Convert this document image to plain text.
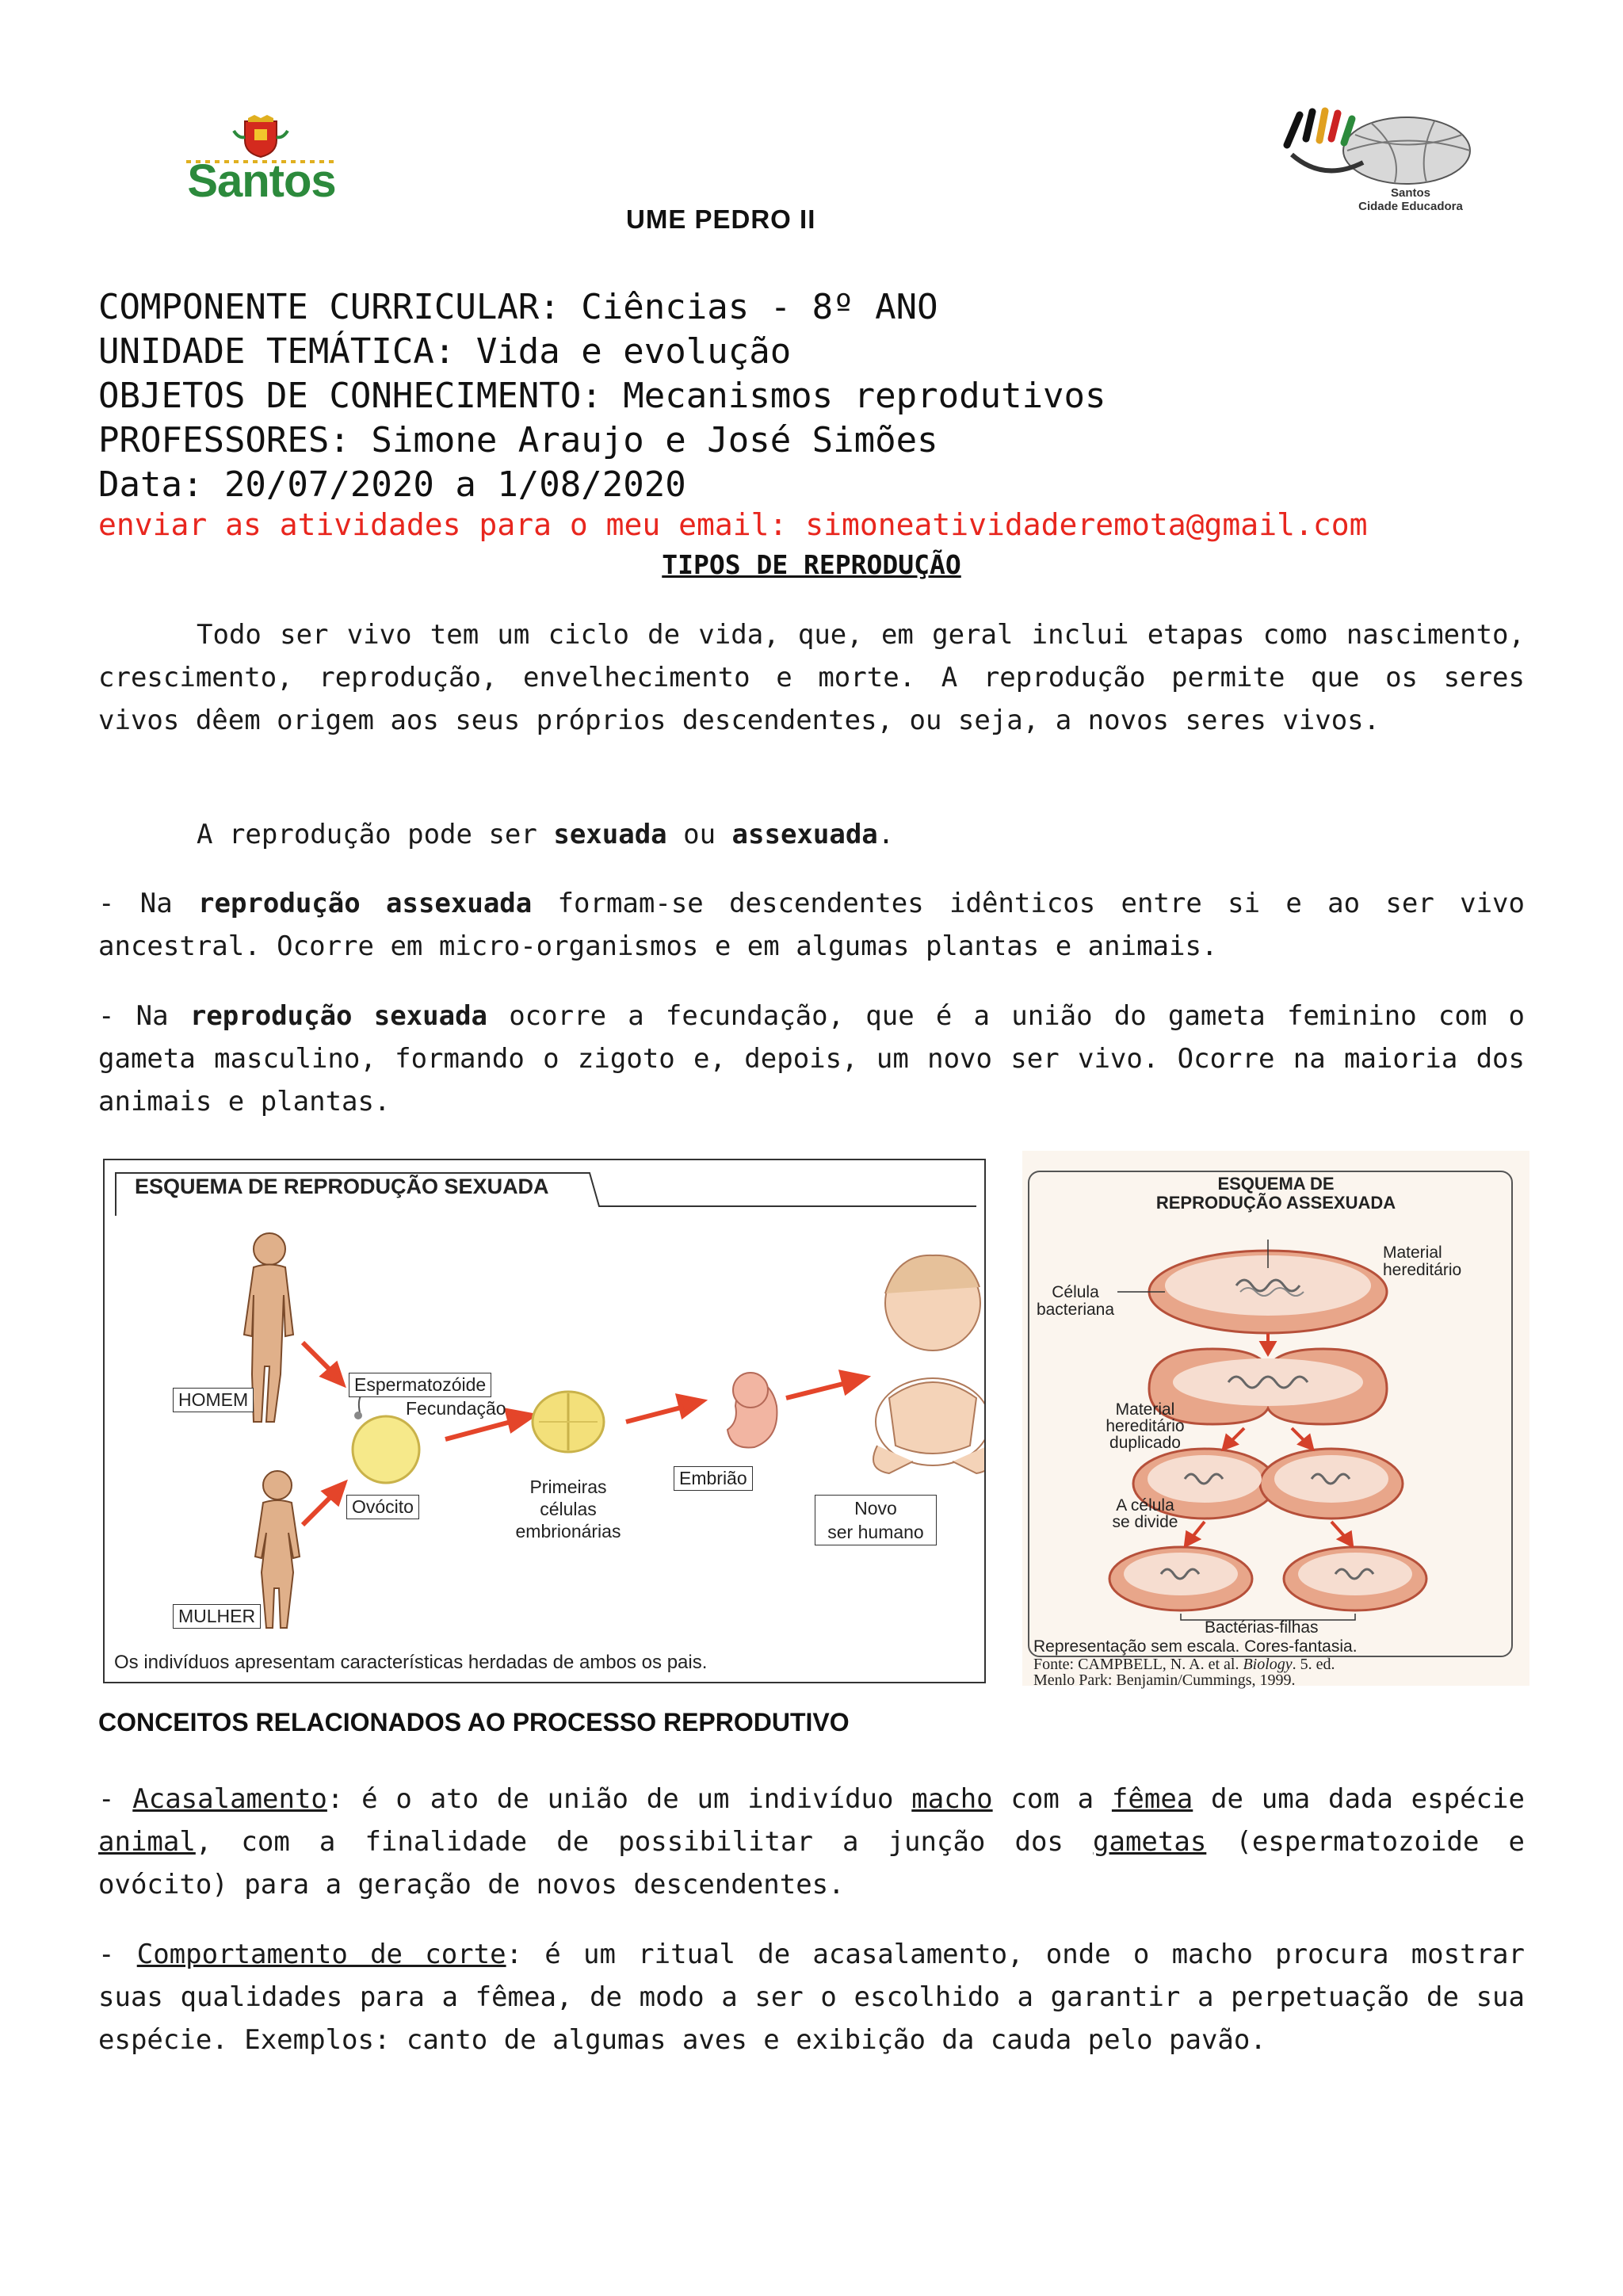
Santos	Santos
Cidade Educadora
UME PEDRO II
COMPONENTE CURRICULAR: Ciências - 8º ANO
UNIDADE TEMÁTICA: Vida e evolução
OBJETOS DE CONHECIMENTO: Mecanismos reprodutivos
PROFESSORES: Simone Araujo e José Simões
Data: 20/07/2020 a 1/08/2020
enviar as atividades para o meu email: simoneatividaderemota@gmail.com
TIPOS DE REPRODUÇÃO
Todo ser vivo tem um ciclo de vida, que, em geral inclui etapas como nascimento, crescimento, reprodução, envelhecimento e morte. A reprodução permite que os seres vivos dêem origem aos seus próprios descendentes, ou seja, a novos seres vivos.
A reprodução pode ser sexuada ou assexuada.
- Na reprodução assexuada formam-se descendentes idênticos entre si e ao ser vivo ancestral. Ocorre em micro-organismos e em algumas plantas e animais.
- Na reprodução sexuada ocorre a fecundação, que é a união do gameta feminino com o gameta masculino, formando o zigoto e, depois, um novo ser vivo. Ocorre na maioria dos animais e plantas.
ESQUEMA DE REPRODUÇÃO SEXUADA
HOMEM
MULHER
Espermatozóide
Fecundação
Ovócito
Primeiras
células
embrionárias
Embrião
Novo
ser humano
Os indivíduos apresentam características herdadas de ambos os pais.
ESQUEMA DE
REPRODUÇÃO ASSEXUADA
Material
hereditário
Célula
bacteriana
Material
hereditário
duplicado
A célula
se divide
Bactérias-filhas
Representação sem escala. Cores-fantasia.
Fonte: CAMPBELL, N. A. et al. Biology. 5. ed.
Menlo Park: Benjamin/Cummings, 1999.
CONCEITOS RELACIONADOS AO PROCESSO REPRODUTIVO
- Acasalamento: é o ato de união de um indivíduo macho com a fêmea de uma dada espécie animal, com a finalidade de possibilitar a junção dos gametas (espermatozoide e ovócito) para a geração de novos descendentes.
- Comportamento de corte: é um ritual de acasalamento, onde o macho procura mostrar suas qualidades para a fêmea, de modo a ser o escolhido a garantir a perpetuação de sua espécie. Exemplos: canto de algumas aves e exibição da cauda pelo pavão.
